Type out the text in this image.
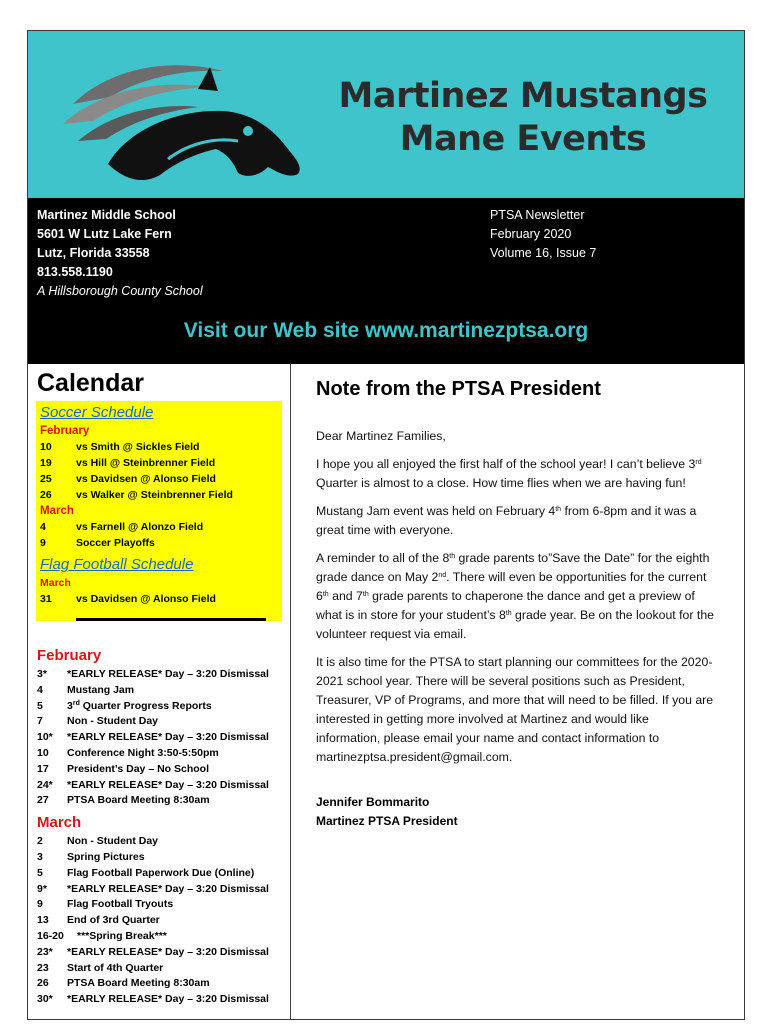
Martinez Mustangs
Mane Events
Martinez Middle School
5601 W Lutz Lake Fern
Lutz, Florida 33558
813.558.1190
A Hillsborough County School
PTSA Newsletter
February 2020
Volume 16, Issue 7
Visit our Web site www.martinezptsa.org
Calendar
Soccer Schedule
February
10 vs Smith @ Sickles Field
19 vs Hill @ Steinbrenner Field
25 vs Davidsen @ Alonso Field
26 vs Walker @ Steinbrenner Field
March
4	vs Farnell @ Alonzo Field
9	Soccer Playoffs
Flag Football Schedule
March
31 vs Davidsen @ Alonso Field
February
3* *EARLY RELEASE* Day – 3:20 Dismissal
4 Mustang Jam
5 3rd Quarter Progress Reports
7 Non - Student Day
10* *EARLY RELEASE* Day – 3:20 Dismissal
10 Conference Night 3:50-5:50pm
17 President’s Day – No School
24* *EARLY RELEASE* Day – 3:20 Dismissal
27 PTSA Board Meeting 8:30am
March
2 Non - Student Day
3 Spring Pictures
5 Flag Football Paperwork Due (Online)
9* *EARLY RELEASE* Day – 3:20 Dismissal
9 Flag Football Tryouts
13 End of 3rd Quarter
16-20 ***Spring Break***
23* *EARLY RELEASE* Day – 3:20 Dismissal
23 Start of 4th Quarter
26 PTSA Board Meeting 8:30am
30* *EARLY RELEASE* Day – 3:20 Dismissal
Note from the PTSA President

Dear Martinez Families,

I hope you all enjoyed the first half of the school year! I can’t believe 3rd Quarter is almost to a close. How time flies when we are having fun!

Mustang Jam event was held on February 4th from 6-8pm and it was a great time with everyone.

A reminder to all of the 8th grade parents to”Save the Date” for the eighth grade dance on May 2nd. There will even be opportunities for the current 6th and 7th grade parents to chaperone the dance and get a preview of what is in store for your student’s 8th grade year. Be on the lookout for the volunteer request via email.

It is also time for the PTSA to start planning our committees for the 2020-2021 school year. There will be several positions such as President, Treasurer, VP of Programs, and more that will need to be filled. If you are interested in getting more involved at Martinez and would like information, please email your name and contact information to martinezptsa.president@gmail.com.

Jennifer Bommarito
Martinez PTSA President
